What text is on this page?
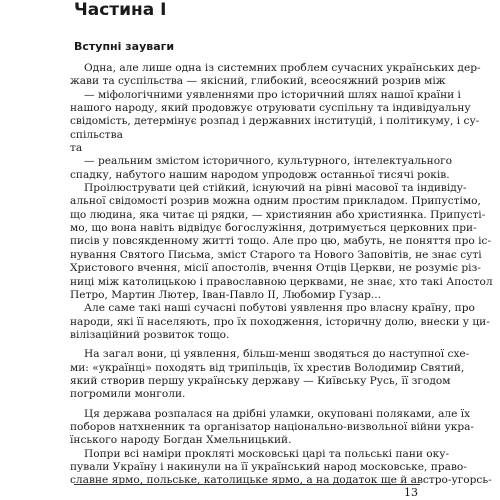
Частина I
Вступні зауваги
Одна, але лише одна із системних проблем сучасних українських дер-
жави та суспільства — якісний, глибокий, всеосяжний розрив між
— міфологічними уявленнями про історичний шлях нашої країни і
нашого народу, який продовжує отруювати суспільну та індивідуальну
свідомість, детермінує розпад і державних інституцій, і політикуму, і су-
спільства
та
— реальним змістом історичного, культурного, інтелектуального
спадку, набутого нашим народом упродовж останньої тисячі років.
Проілюструвати цей стійкий, існуючий на рівні масової та індивіду-
альної свідомості розрив можна одним простим прикладом. Припустімо,
що людина, яка читає ці рядки, — християнин або християнка. Припусті-
мо, що вона навіть відвідує богослужіння, дотримується церковних при-
писів у повсякденному житті тощо. Але про цю, мабуть, не поняття про іс-
нування Святого Письма, зміст Старого та Нового Заповітів, не знає суті
Христового вчення, місії апостолів, вчення Отців Церкви, не розуміє різ-
ниці між католицькою і православною церквами, не знає, хто такі Апостол
Петро, Мартин Лютер, Іван-Павло II, Любомир Гузар...
Але саме такі наші сучасні побутові уявлення про власну країну, про
народи, які її населяють, про їх походження, історичну долю, внески у ци-
вілізаційний розвиток тощо.
На загал вони, ці уявлення, більш-менш зводяться до наступної схе-
ми: «українці» походять від трипільців, їх хрестив Володимир Святий,
який створив першу українську державу — Київську Русь, її згодом
погромили монголи.
Ця держава розпалася на дрібні уламки, окуповані поляками, але їх
поборов натхненник та організатор національно-визвольної війни укра-
їнського народу Богдан Хмельницький.
Попри всі наміри прокляті московські царі та польські пани оку-
пували Україну і накинули на її український народ московське, право-
славне ярмо, польське, католицьке ярмо, а на додаток ще й австро-угорсь-
13
